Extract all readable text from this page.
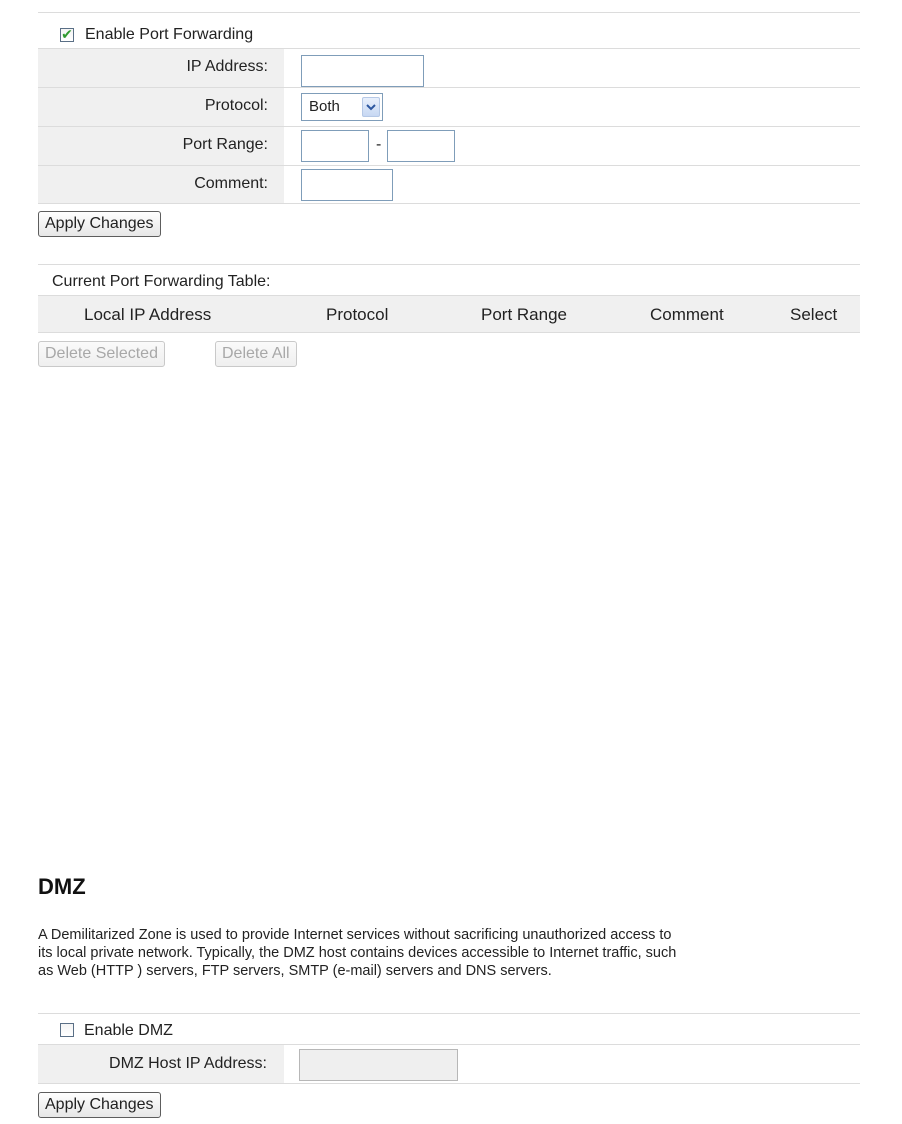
✔ Enable Port Forwarding
IP Address:
Protocol:	Both
Port Range:	-
Comment:
Apply Changes
Current Port Forwarding Table:
Local IP Address	Protocol	Port Range	Comment	Select
Delete Selected	Delete All
DMZ
A Demilitarized Zone is used to provide Internet services without sacrificing unauthorized access to
its local private network. Typically, the DMZ host contains devices accessible to Internet traffic, such
as Web (HTTP ) servers, FTP servers, SMTP (e-mail) servers and DNS servers.
Enable DMZ
DMZ Host IP Address:
Apply Changes
